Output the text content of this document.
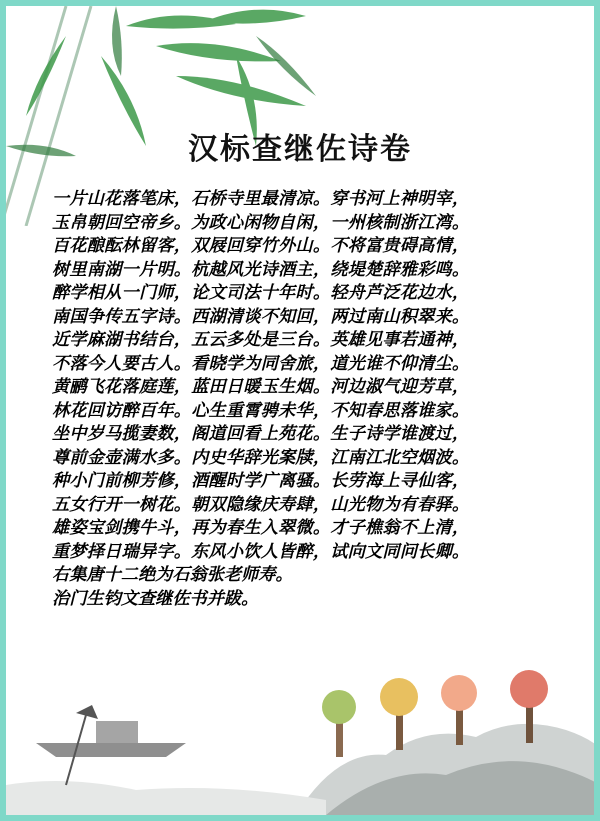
汉标查继佐诗卷
一片山花落笔床，石桥寺里最清凉。穿书河上神明宰，
玉帛朝回空帝乡。为政心闲物自闲，一州核制浙江湾。
百花酿酝林留客，双屐回穿竹外山。不将富贵碍高情，
树里南湖一片明。杭越风光诗酒主，绕堤楚辞雅彩鸣。
醉学相从一门师，论文司法十年时。轻舟芦泛花边水，
南国争传五字诗。西湖清谈不知回，两过南山积翠来。
近学麻湖书结台，五云多处是三台。英雄见事若通神，
不落今人要古人。看晓学为同舍旅，道光谁不仰清尘。
黄鹂飞花落庭莲，蓝田日暖玉生烟。河边淑气迎芳草，
林花回访醉百年。心生重霄骋未华，不知春思落谁家。
坐中岁马揽妻数，阁道回看上苑花。生子诗学谁渡过，
尊前金壶满水多。内史华辞光案牍，江南江北空烟波。
种小门前柳芳修，酒醒时学广离骚。长劳海上寻仙客，
五女行开一树花。朝双隐缘庆寿肆，山光物为有春驿。
雄姿宝剑携牛斗，再为春生入翠微。才子樵翁不上清，
重梦择日瑞异字。东风小饮人皆醉，试向文同问长卿。
右集唐十二绝为石翁张老师寿。
治门生钧文查继佐书并跋。
